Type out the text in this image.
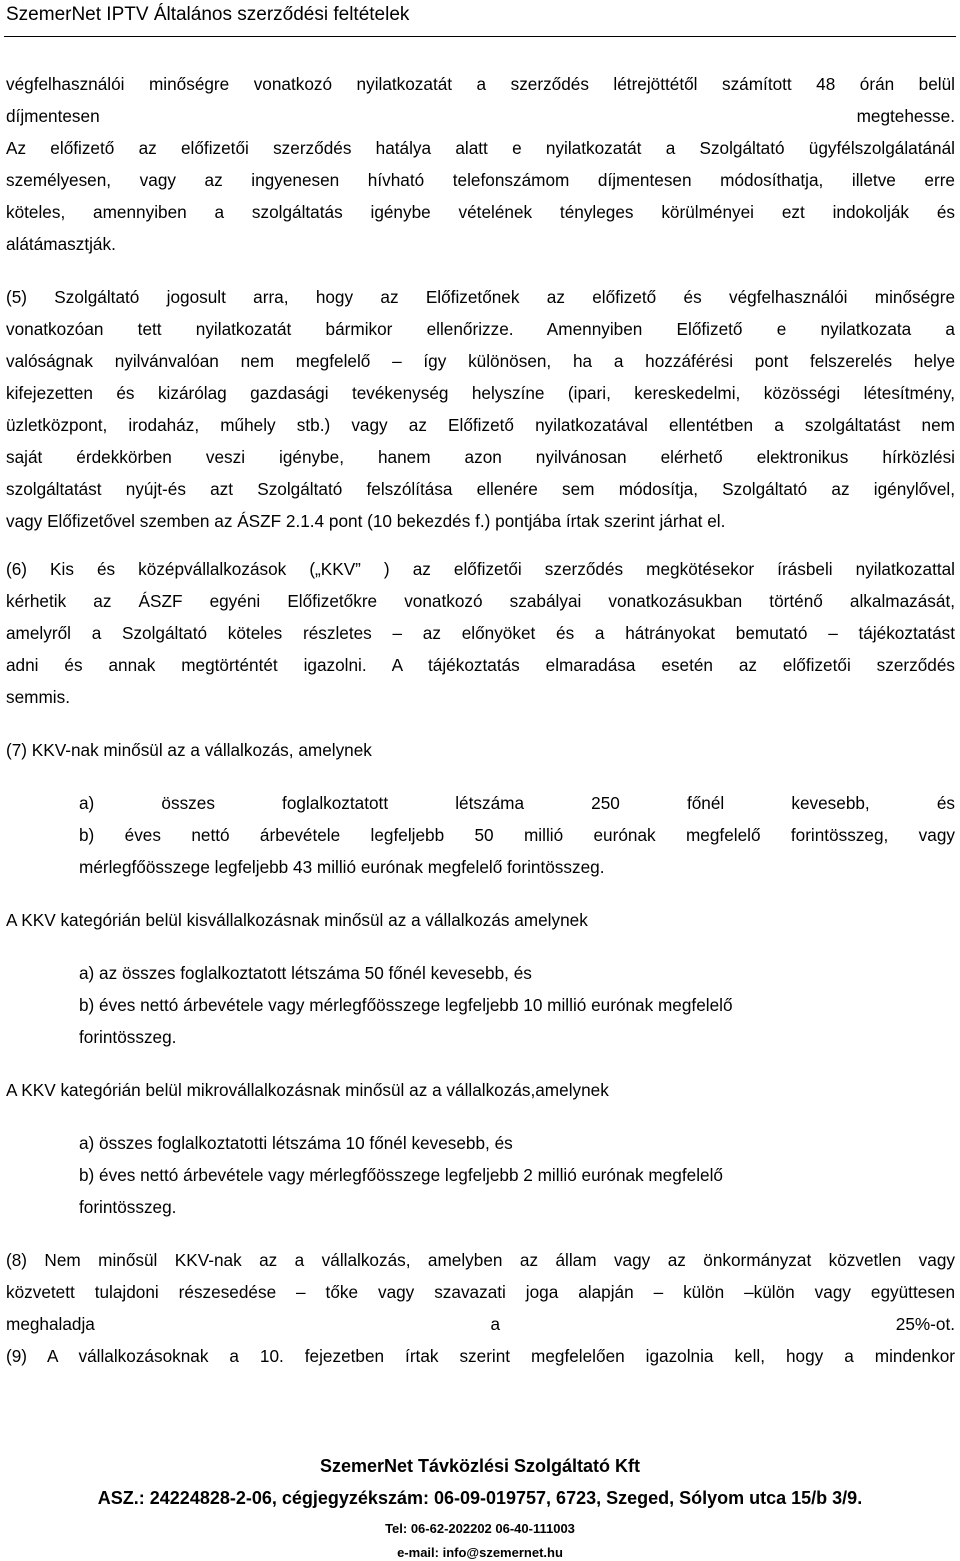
SzemerNet IPTV Általános szerződési feltételek
végfelhasználói minőségre vonatkozó nyilatkozatát a szerződés létrejöttétől számított 48 órán belül
díjmentesen megtehesse.
Az előfizető az előfizetői szerződés hatálya alatt e nyilatkozatát a Szolgáltató ügyfélszolgálatánál
személyesen, vagy az ingyenesen hívható telefonszámom díjmentesen módosíthatja, illetve erre
köteles, amennyiben a szolgáltatás igénybe vételének tényleges körülményei ezt indokolják és
alátámasztják.
(5) Szolgáltató jogosult arra, hogy az Előfizetőnek az előfizető és végfelhasználói minőségre
vonatkozóan tett nyilatkozatát bármikor ellenőrizze. Amennyiben Előfizető e nyilatkozata a
valóságnak nyilvánvalóan nem megfelelő – így különösen, ha a hozzáférési pont felszerelés helye
kifejezetten és kizárólag gazdasági tevékenység helyszíne (ipari, kereskedelmi, közösségi létesítmény,
üzletközpont, irodaház, műhely stb.) vagy az Előfizető nyilatkozatával ellentétben a szolgáltatást nem
saját érdekkörben veszi igénybe, hanem azon nyilvánosan elérhető elektronikus hírközlési
szolgáltatást nyújt-és azt Szolgáltató felszólítása ellenére sem módosítja, Szolgáltató az igénylővel,
vagy Előfizetővel szemben az ÁSZF 2.1.4 pont (10 bekezdés f.) pontjába írtak szerint járhat el.
(6) Kis és középvállalkozások („KKV” ) az előfizetői szerződés megkötésekor írásbeli nyilatkozattal
kérhetik az ÁSZF egyéni Előfizetőkre vonatkozó szabályai vonatkozásukban történő alkalmazását,
amelyről a Szolgáltató köteles részletes – az előnyöket és a hátrányokat bemutató – tájékoztatást
adni és annak megtörténtét igazolni. A tájékoztatás elmaradása esetén az előfizetői szerződés
semmis.
(7) KKV-nak minősül az a vállalkozás, amelynek
a) összes foglalkoztatott létszáma 250 főnél kevesebb, és
b) éves nettó árbevétele legfeljebb 50 millió eurónak megfelelő forintösszeg, vagy
mérlegfőösszege legfeljebb 43 millió eurónak megfelelő forintösszeg.
A KKV kategórián belül kisvállalkozásnak minősül az a vállalkozás amelynek
a) az összes foglalkoztatott létszáma 50 főnél kevesebb, és
b) éves nettó árbevétele vagy mérlegfőösszege legfeljebb 10 millió eurónak megfelelő
forintösszeg.
A KKV kategórián belül mikrovállalkozásnak minősül az a vállalkozás,amelynek
a) összes foglalkoztatotti létszáma 10 főnél kevesebb, és
b) éves nettó árbevétele vagy mérlegfőösszege legfeljebb 2 millió eurónak megfelelő
forintösszeg.
(8) Nem minősül KKV-nak az a vállalkozás, amelyben az állam vagy az önkormányzat közvetlen vagy
közvetett tulajdoni részesedése – tőke vagy szavazati joga alapján – külön –külön vagy együttesen
meghaladja a 25%-ot.
(9) A vállalkozásoknak a 10. fejezetben írtak szerint megfelelően igazolnia kell, hogy a mindenkor
SzemerNet Távközlési Szolgáltató Kft
ASZ.: 24224828-2-06, cégjegyzékszám: 06-09-019757, 6723, Szeged, Sólyom utca 15/b 3/9.
Tel: 06-62-202202 06-40-111003
e-mail: info@szemernet.hu
